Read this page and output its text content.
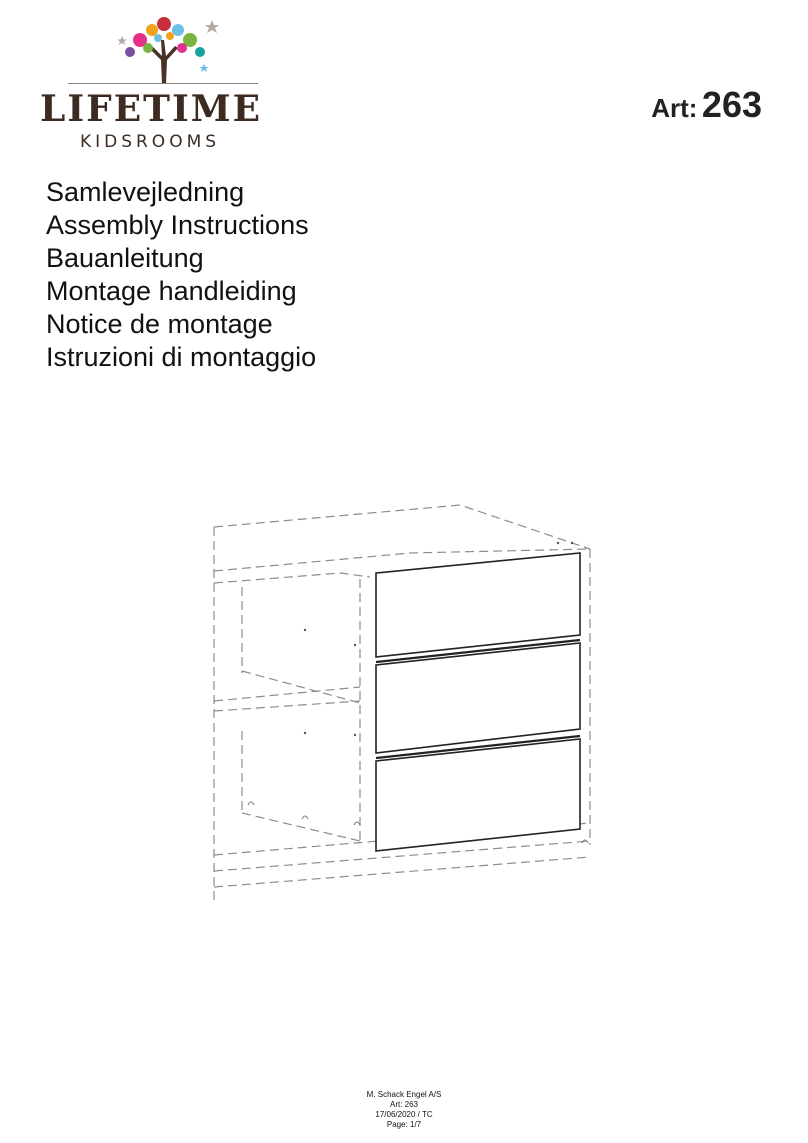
LIFETIME
KIDSROOMS
Art: 263
Samlevejledning
Assembly Instructions
Bauanleitung
Montage handleiding
Notice de montage
Istruzioni di montaggio
M. Schack Engel A/S
Art: 263
17/06/2020 / TC
Page: 1/7
